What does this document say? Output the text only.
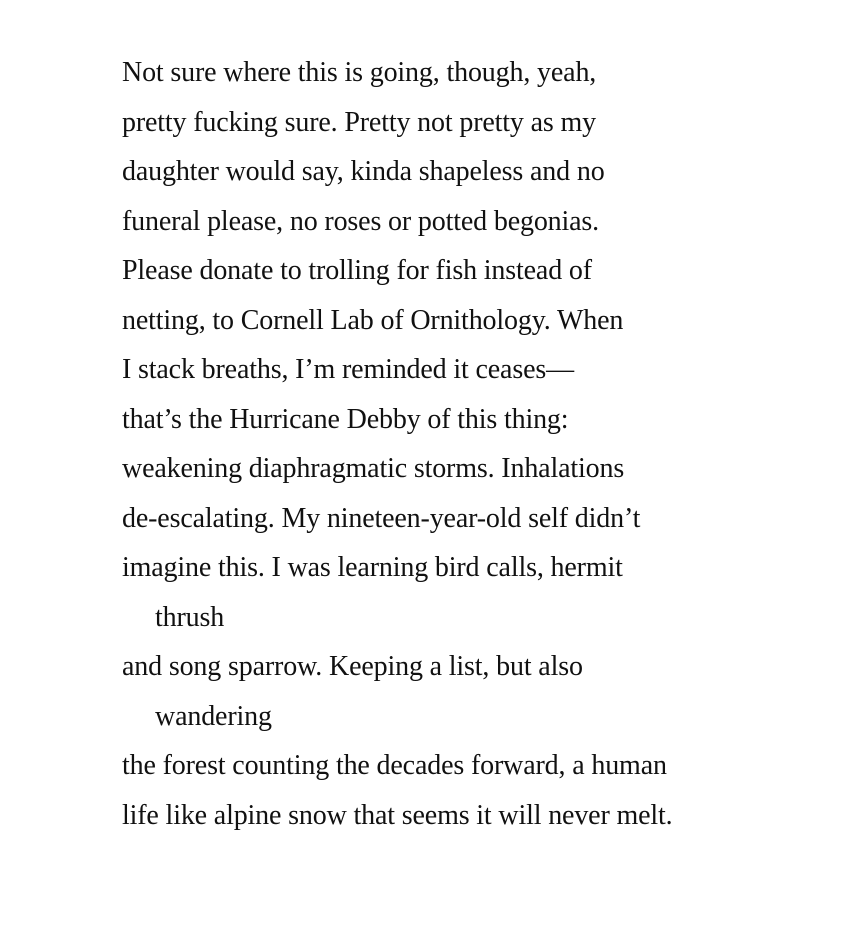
Not sure where this is going, though, yeah,
pretty fucking sure. Pretty not pretty as my
daughter would say, kinda shapeless and no
funeral please, no roses or potted begonias.
Please donate to trolling for fish instead of
netting, to Cornell Lab of Ornithology. When
I stack breaths, I’m reminded it ceases—
that’s the Hurricane Debby of this thing:
weakening diaphragmatic storms. Inhalations
de-escalating. My nineteen-year-old self didn’t
imagine this. I was learning bird calls, hermit
thrush
and song sparrow. Keeping a list, but also
wandering
the forest counting the decades forward, a human
life like alpine snow that seems it will never melt.
